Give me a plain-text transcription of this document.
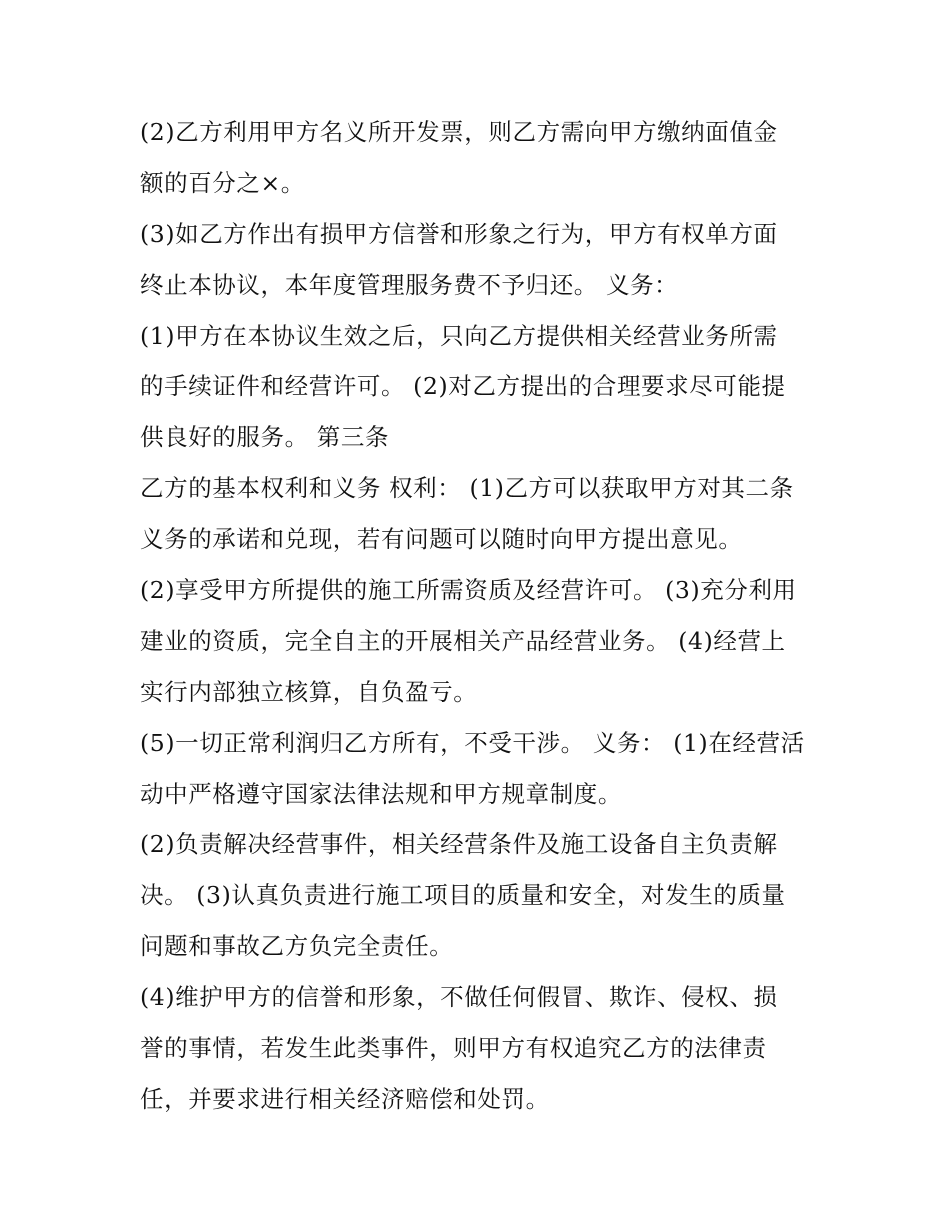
(2)乙方利用甲方名义所开发票，则乙方需向甲方缴纳面值金
额的百分之×。
(3)如乙方作出有损甲方信誉和形象之行为，甲方有权单方面
终止本协议，本年度管理服务费不予归还。 义务：
(1)甲方在本协议生效之后，只向乙方提供相关经营业务所需
的手续证件和经营许可。 (2)对乙方提出的合理要求尽可能提
供良好的服务。 第三条
乙方的基本权利和义务 权利： (1)乙方可以获取甲方对其二条
义务的承诺和兑现，若有问题可以随时向甲方提出意见。
(2)享受甲方所提供的施工所需资质及经营许可。 (3)充分利用
建业的资质，完全自主的开展相关产品经营业务。 (4)经营上
实行内部独立核算，自负盈亏。
(5)一切正常利润归乙方所有，不受干涉。 义务： (1)在经营活
动中严格遵守国家法律法规和甲方规章制度。
(2)负责解决经营事件，相关经营条件及施工设备自主负责解
决。 (3)认真负责进行施工项目的质量和安全，对发生的质量
问题和事故乙方负完全责任。
(4)维护甲方的信誉和形象，不做任何假冒、欺诈、侵权、损
誉的事情，若发生此类事件，则甲方有权追究乙方的法律责
任，并要求进行相关经济赔偿和处罚。
